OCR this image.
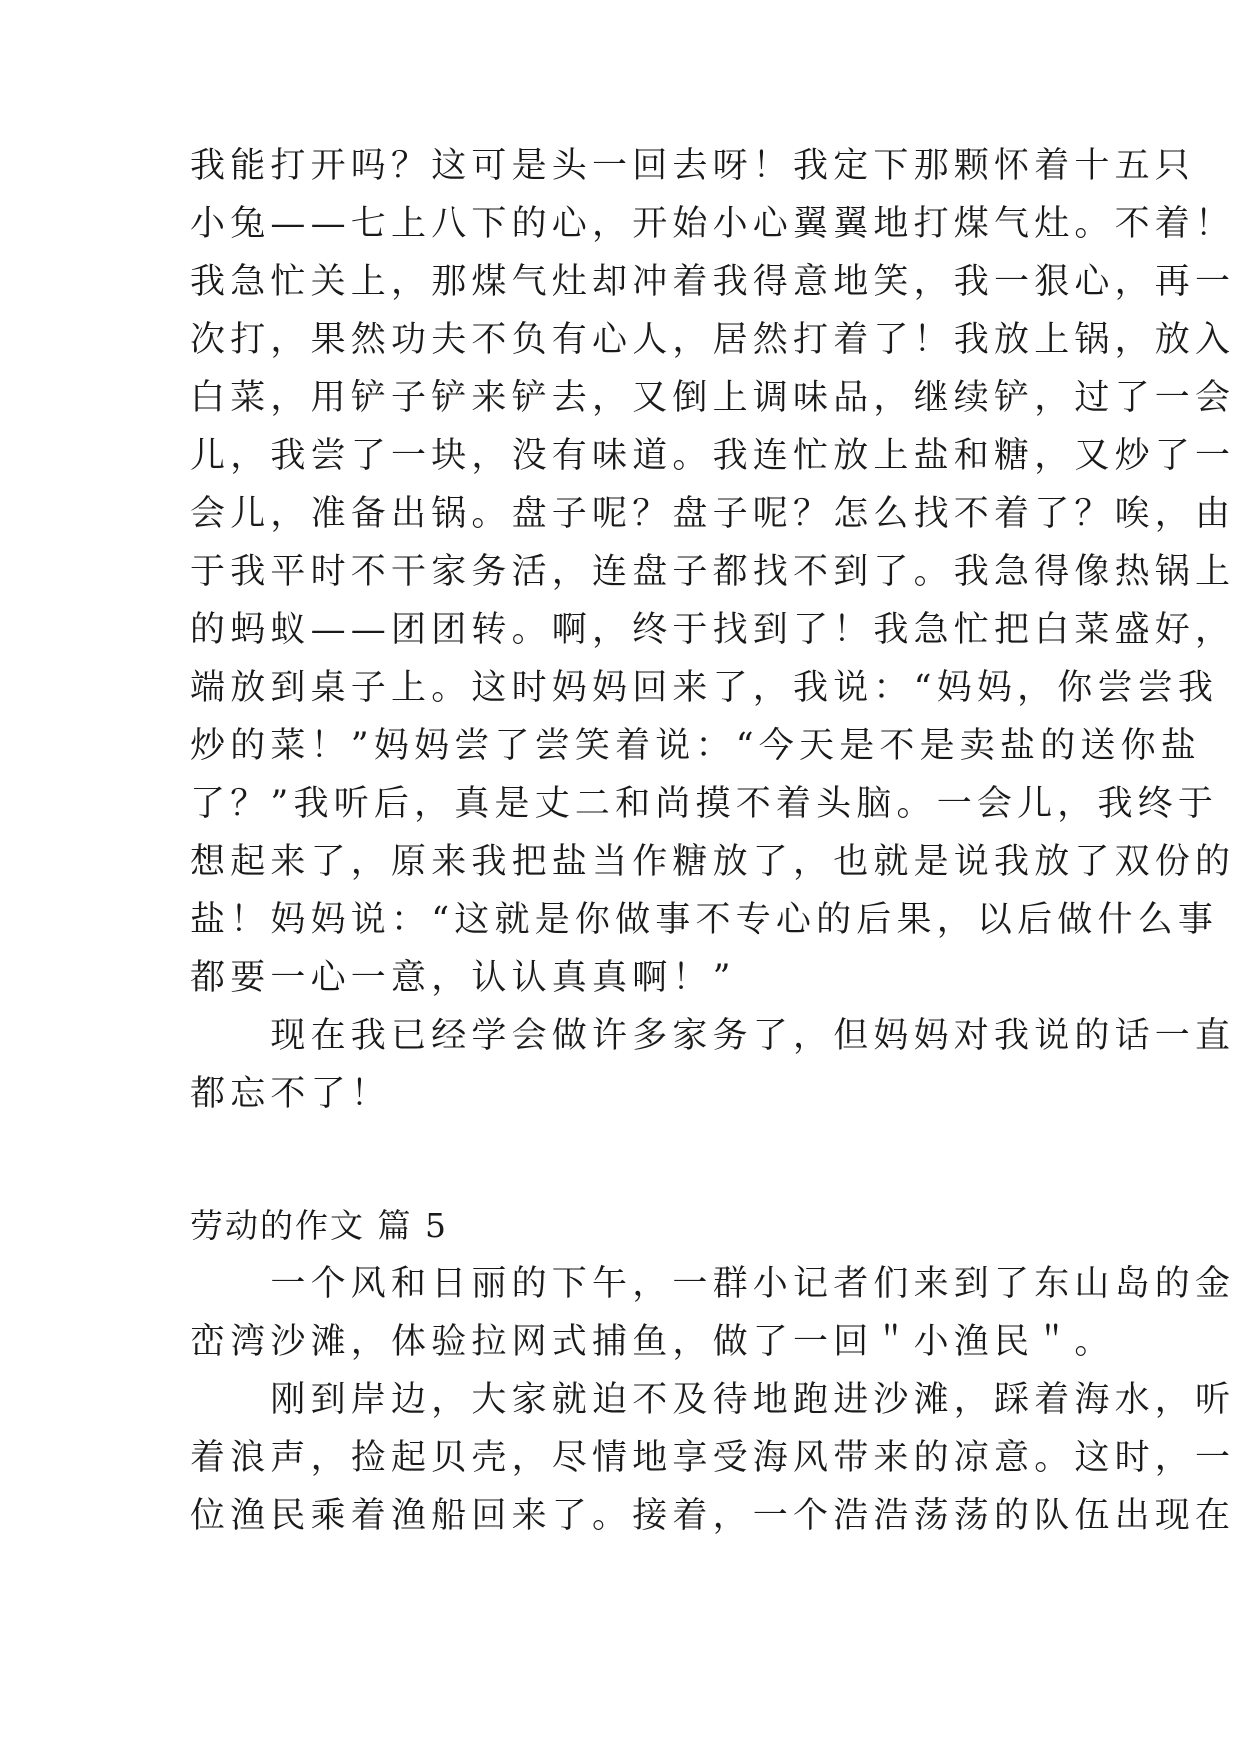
我能打开吗？这可是头一回去呀！我定下那颗怀着十五只
小兔——七上八下的心，开始小心翼翼地打煤气灶。不着！
我急忙关上，那煤气灶却冲着我得意地笑，我一狠心，再一
次打，果然功夫不负有心人，居然打着了！我放上锅，放入
白菜，用铲子铲来铲去，又倒上调味品，继续铲，过了一会
儿，我尝了一块，没有味道。我连忙放上盐和糖，又炒了一
会儿，准备出锅。盘子呢？盘子呢？怎么找不着了？唉，由
于我平时不干家务活，连盘子都找不到了。我急得像热锅上
的蚂蚁——团团转。啊，终于找到了！我急忙把白菜盛好，
端放到桌子上。这时妈妈回来了，我说：“妈妈，你尝尝我
炒的菜！”妈妈尝了尝笑着说：“今天是不是卖盐的送你盐
了？”我听后，真是丈二和尚摸不着头脑。一会儿，我终于
想起来了，原来我把盐当作糖放了，也就是说我放了双份的
盐！妈妈说：“这就是你做事不专心的后果，以后做什么事
都要一心一意，认认真真啊！”
　　现在我已经学会做许多家务了，但妈妈对我说的话一直
都忘不了！
劳动的作文 篇 5
　　一个风和日丽的下午，一群小记者们来到了东山岛的金
峦湾沙滩，体验拉网式捕鱼，做了一回＂小渔民＂。
　　刚到岸边，大家就迫不及待地跑进沙滩，踩着海水，听
着浪声，捡起贝壳，尽情地享受海风带来的凉意。这时，一
位渔民乘着渔船回来了。接着，一个浩浩荡荡的队伍出现在
